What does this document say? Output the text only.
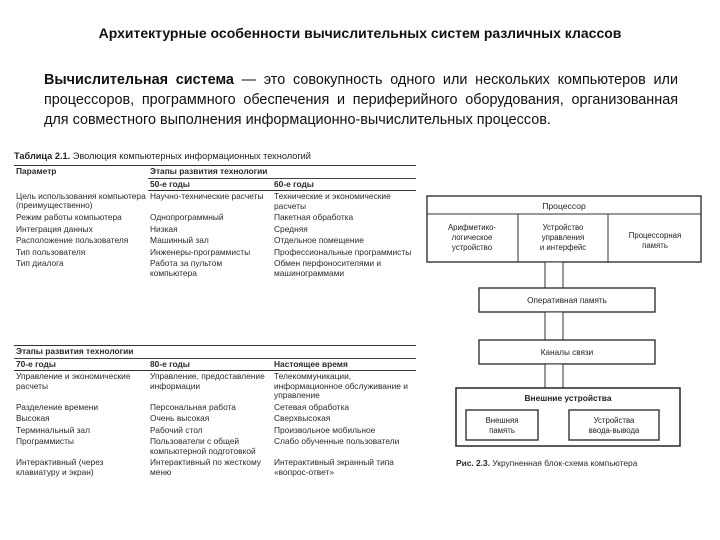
Архитектурные особенности вычислительных систем различных классов

Вычислительная система — это совокупность одного или нескольких компьютеров или процессоров, программного обеспечения и периферийного оборудования, организованная для совместного выполнения информационно-вычислительных процессов.

Таблица 2.1. Эволюция компьютерных информационных технологий
Параметр	Этапы развития технологии	
	50-е годы	60-е годы
Цель использования компьютера (преимущественно)	Научно-технические расчеты	Технические и экономические расчеты
Режим работы компьютера	Однопрограммный	Пакетная обработка
Интеграция данных	Низкая	Средняя
Расположение пользователя	Машинный зал	Отдельное помещение
Тип пользователя	Инженеры-программисты	Профессиональные программисты
Тип диалога	Работа за пультом компьютера	Обмен перфоносителями и машинограммами
Этапы развития технологии		
70-е годы	80-е годы	Настоящее время
Управление и экономические расчеты	Управление, предоставление информации	Телекоммуникации, информационное обслуживание и управление
Разделение времени	Персональная работа	Сетевая обработка
Высокая	Очень высокая	Сверхвысокая
Терминальный зал	Рабочий стол	Произвольное мобильное
Программисты	Пользователи с общей компьютерной подготовкой	Слабо обученные пользователи
Интерактивный (через клавиатуру и экран)	Интерактивный по жесткому меню	Интерактивный экранный типа «вопрос-ответ»
Процессор
Арифметико-
логическое
устройство
Устройство
управления
и интерфейс
Процессорная
память
Оперативная память
Каналы связи
Внешние устройства
Внешняя
память
Устройства
ввода-вывода
Рис. 2.3. Укрупненная блок-схема компьютера
